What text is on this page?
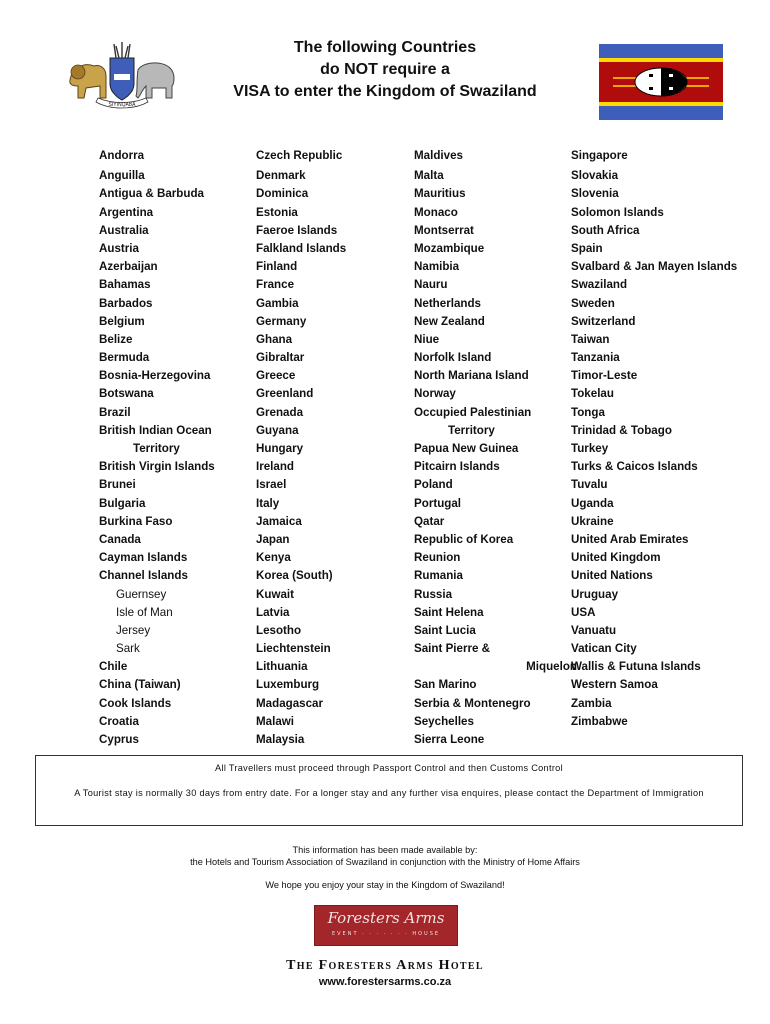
SIYINQABA
The following Countries
do NOT require a
VISA to enter the Kingdom of Swaziland
Andorra
Anguilla
Antigua & Barbuda
Argentina
Australia
Austria
Azerbaijan
Bahamas
Barbados
Belgium
Belize
Bermuda
Bosnia-Herzegovina
Botswana
Brazil
British Indian Ocean
Territory
British Virgin Islands
Brunei
Bulgaria
Burkina Faso
Canada
Cayman Islands
Channel Islands
Guernsey
Isle of Man
Jersey
Sark
Chile
China (Taiwan)
Cook Islands
Croatia
Cyprus
Czech Republic
Denmark
Dominica
Estonia
Faeroe Islands
Falkland Islands
Finland
France
Gambia
Germany
Ghana
Gibraltar
Greece
Greenland
Grenada
Guyana
Hungary
Ireland
Israel
Italy
Jamaica
Japan
Kenya
Korea (South)
Kuwait
Latvia
Lesotho
Liechtenstein
Lithuania
Luxemburg
Madagascar
Malawi
Malaysia
Maldives
Malta
Mauritius
Monaco
Montserrat
Mozambique
Namibia
Nauru
Netherlands
New Zealand
Niue
Norfolk Island
North Mariana Island
Norway
Occupied Palestinian
Territory
Papua New Guinea
Pitcairn Islands
Poland
Portugal
Qatar
Republic of Korea
Reunion
Rumania
Russia
Saint Helena
Saint Lucia
Saint Pierre &
Miquelon
San Marino
Serbia & Montenegro
Seychelles
Sierra Leone
Singapore
Slovakia
Slovenia
Solomon Islands
South Africa
Spain
Svalbard & Jan Mayen Islands
Swaziland
Sweden
Switzerland
Taiwan
Tanzania
Timor-Leste
Tokelau
Tonga
Trinidad & Tobago
Turkey
Turks & Caicos Islands
Tuvalu
Uganda
Ukraine
United Arab Emirates
United Kingdom
United Nations
Uruguay
USA
Vanuatu
Vatican City
Wallis & Futuna Islands
Western Samoa
Zambia
Zimbabwe
All Travellers must proceed through Passport Control and then Customs Control
A Tourist stay is normally 30 days from entry date. For a longer stay and any further visa enquires, please contact the Department of Immigration
This information has been made available by:
the Hotels and Tourism Association of Swaziland in conjunction with the Ministry of Home Affairs
We hope you enjoy your stay in the Kingdom of Swaziland!
Foresters Arms
EVENT · · · · · · · HOUSE
The Foresters Arms Hotel
www.forestersarms.co.za
